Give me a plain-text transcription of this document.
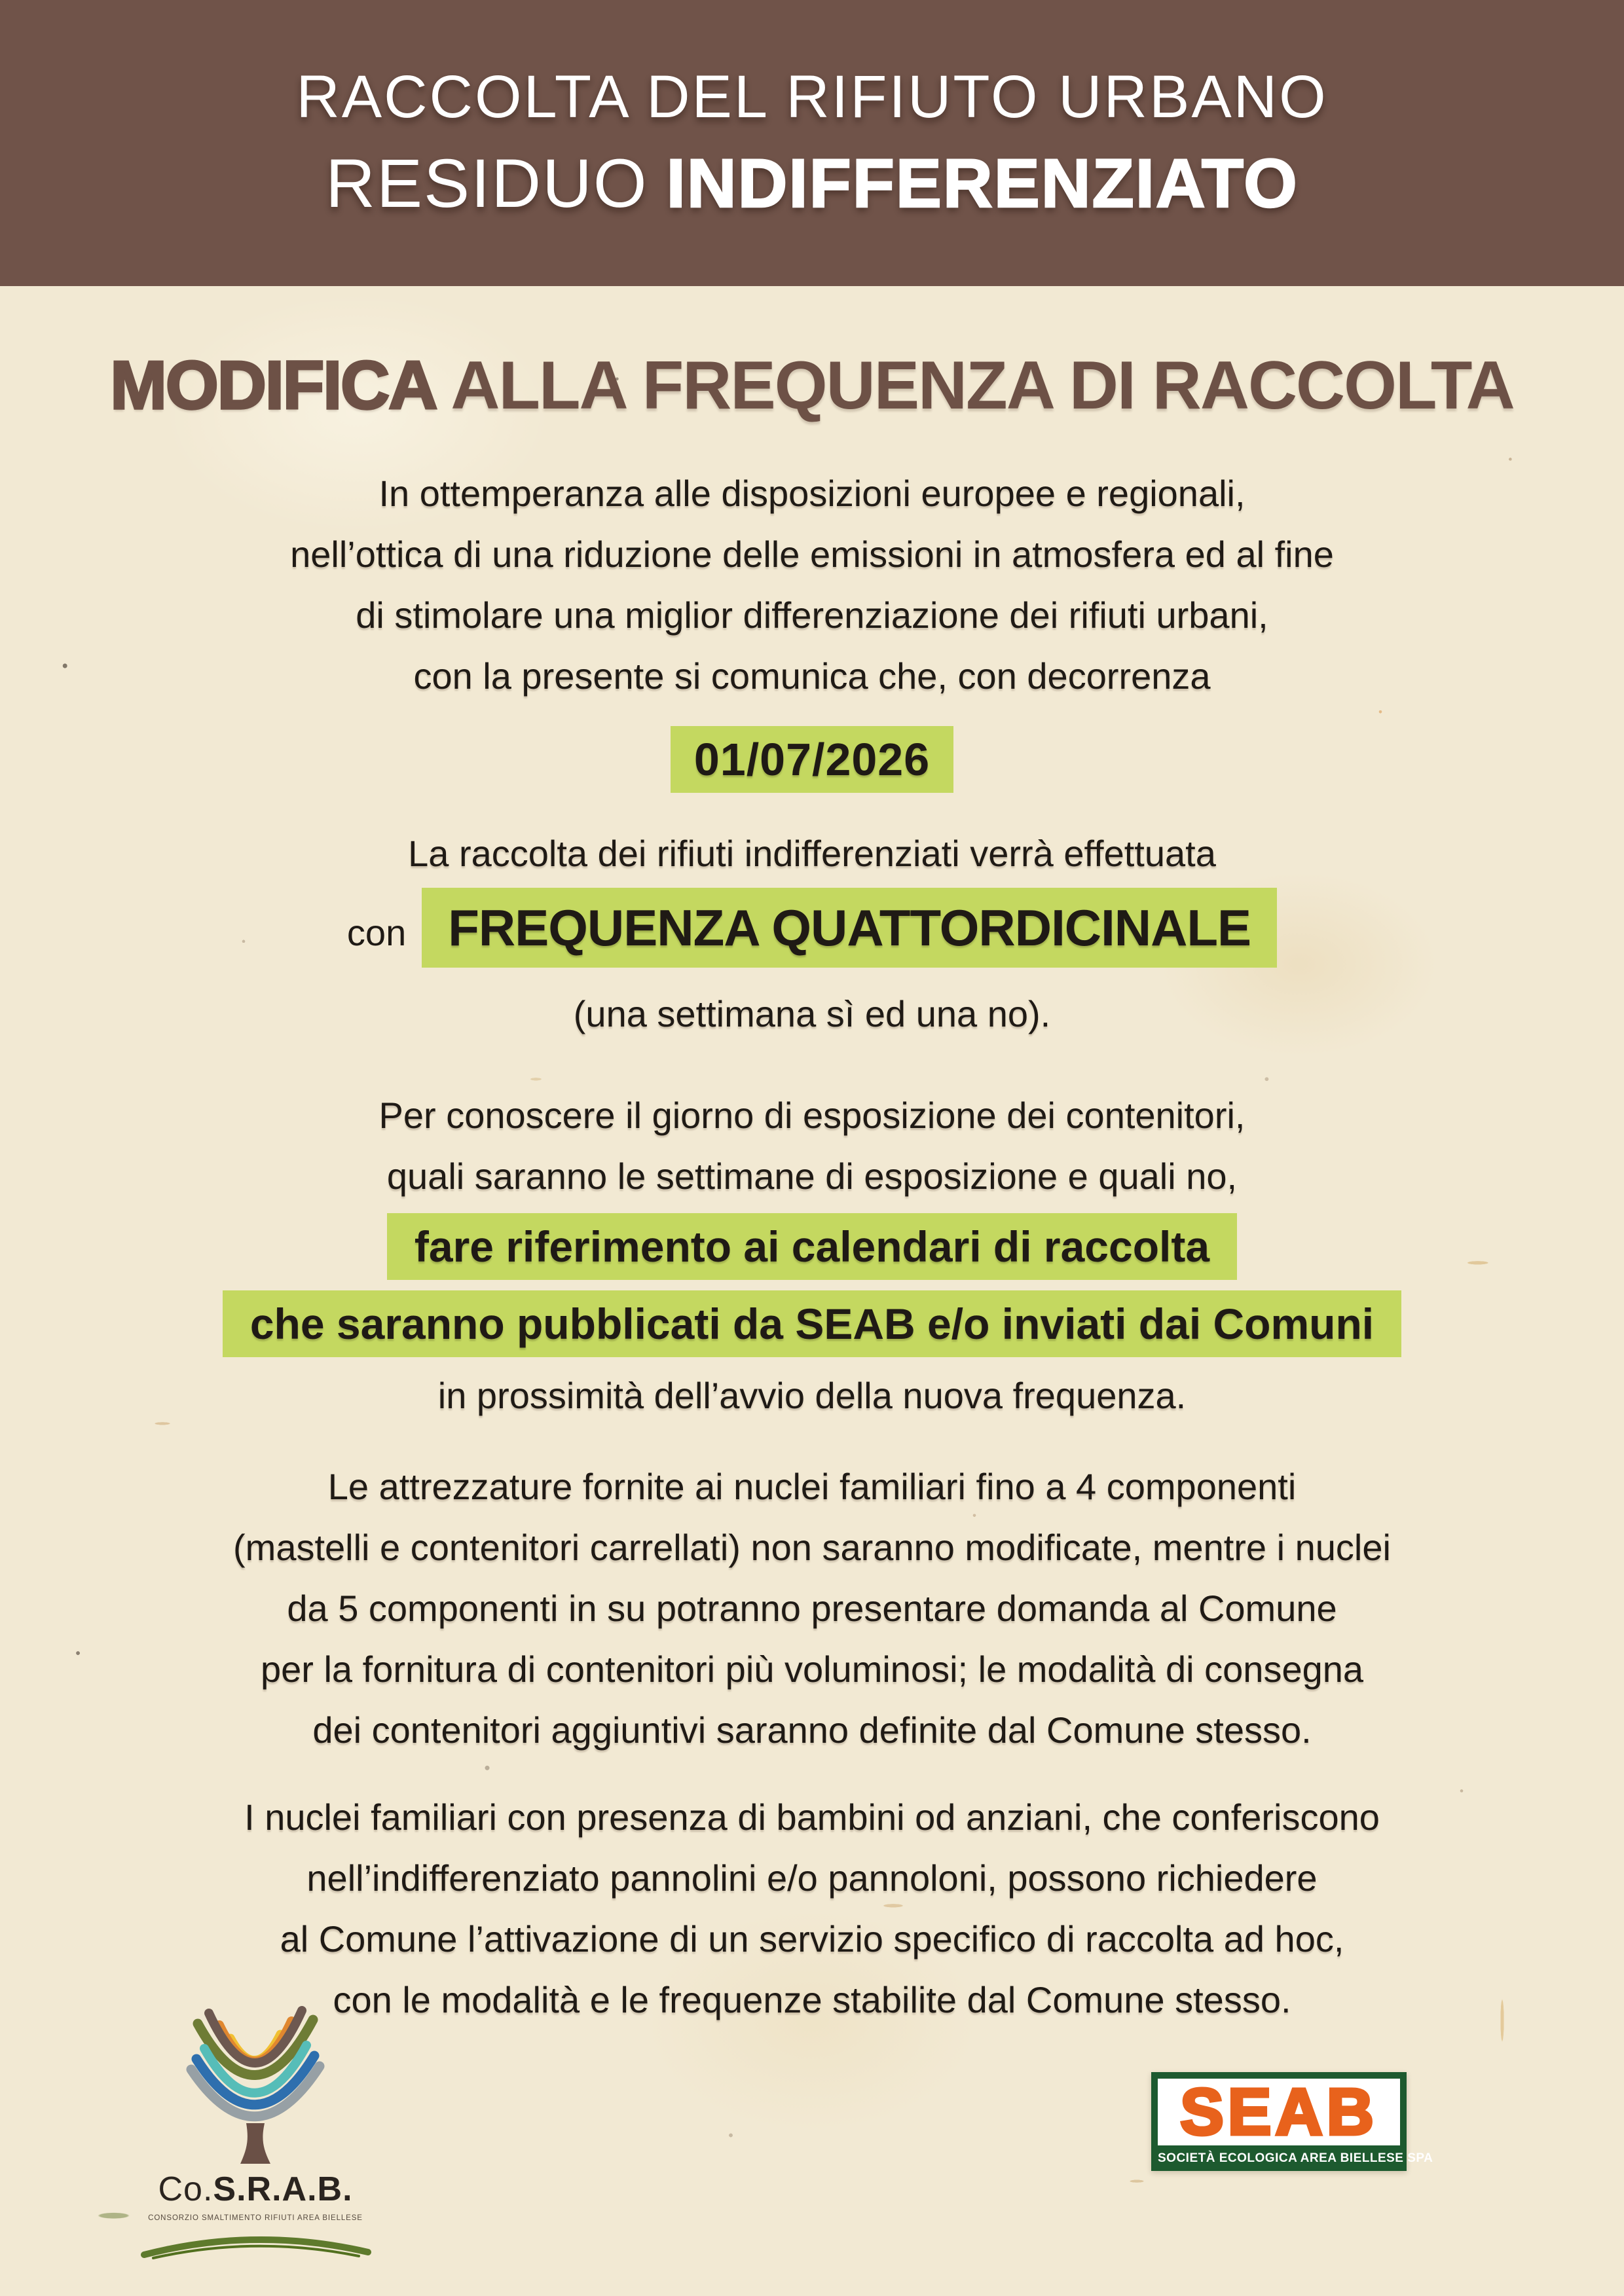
RACCOLTA DEL RIFIUTO URBANO
RESIDUO INDIFFERENZIATO
MODIFICA ALLA FREQUENZA DI RACCOLTA
In ottemperanza alle disposizioni europee e regionali,
nell’ottica di una riduzione delle emissioni in atmosfera ed al fine
di stimolare una miglior differenziazione dei rifiuti urbani,
con la presente si comunica che, con decorrenza
01/07/2026
La raccolta dei rifiuti indifferenziati verrà effettuata
con FREQUENZA QUATTORDICINALE
(una settimana sì ed una no).
Per conoscere il giorno di esposizione dei contenitori,
quali saranno le settimane di esposizione e quali no,
fare riferimento ai calendari di raccolta
che saranno pubblicati da SEAB e/o inviati dai Comuni
in prossimità dell’avvio della nuova frequenza.
Le attrezzature fornite ai nuclei familiari fino a 4 componenti
(mastelli e contenitori carrellati) non saranno modificate, mentre i nuclei
da 5 componenti in su potranno presentare domanda al Comune
per la fornitura di contenitori più voluminosi; le modalità di consegna
dei contenitori aggiuntivi saranno definite dal Comune stesso.
I nuclei familiari con presenza di bambini od anziani, che conferiscono
nell’indifferenziato pannolini e/o pannoloni, possono richiedere
al Comune l’attivazione di un servizio specifico di raccolta ad hoc,
con le modalità e le frequenze stabilite dal Comune stesso.
Co.S.R.A.B.
CONSORZIO SMALTIMENTO RIFIUTI AREA BIELLESE
SEAB
SOCIETÀ ECOLOGICA AREA BIELLESE SPA
